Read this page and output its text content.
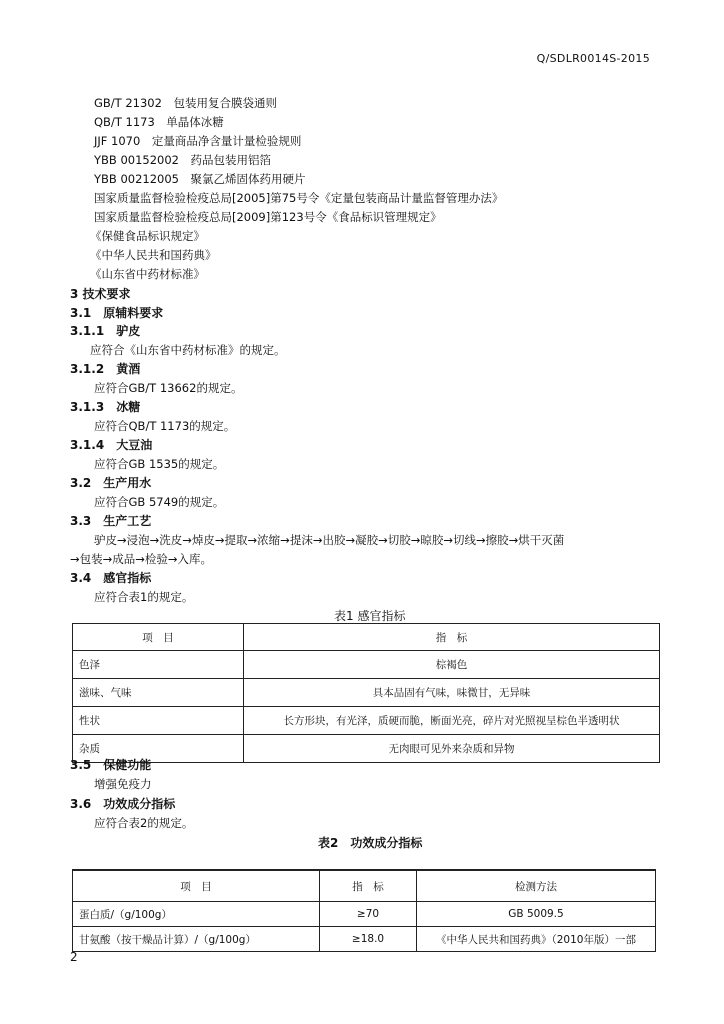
Q/SDLR0014S-2015
GB/T 21302　 包装用复合膜袋通则
QB/T 1173　 单晶体冰糖
JJF 1070　 定量商品净含量计量检验规则
YBB 00152002　 药品包装用铝箔
YBB 00212005　 聚氯乙烯固体药用硬片
国家质量监督检验检疫总局[2005]第75号令《定量包装商品计量监督管理办法》
国家质量监督检验检疫总局[2009]第123号令《食品标识管理规定》
《保健食品标识规定》
《中华人民共和国药典》
《山东省中药材标准》
3 技术要求
3.1　 原辅料要求
3.1.1　 驴皮
应符合《山东省中药材标准》的规定。
3.1.2　 黄酒
应符合GB/T 13662的规定。
3.1.3　 冰糖
应符合QB/T 1173的规定。
3.1.4　 大豆油
应符合GB 1535的规定。
3.2　 生产用水
应符合GB 5749的规定。
3.3　 生产工艺
驴皮→浸泡→洗皮→焯皮→提取→浓缩→提沫→出胶→凝胶→切胶→晾胶→切线→擦胶→烘干灭菌
→包装→成品→检验→入库。
3.4　 感官指标
应符合表1的规定。
表1 感官指标
项　目	指　标
色泽	棕褐色
滋味、气味	具本品固有气味，味微甘，无异味
性状	长方形块，有光泽，质硬而脆，断面光亮，碎片对光照视呈棕色半透明状
杂质	无肉眼可见外来杂质和异物
3.5　 保健功能
增强免疫力
3.6　 功效成分指标
应符合表2的规定。
表2　功效成分指标
项　目	指　标	检测方法
蛋白质/（g/100g）	≥70	GB 5009.5
甘氨酸（按干燥品计算）/（g/100g）	≥18.0	《中华人民共和国药典》（2010年版）一部
2
